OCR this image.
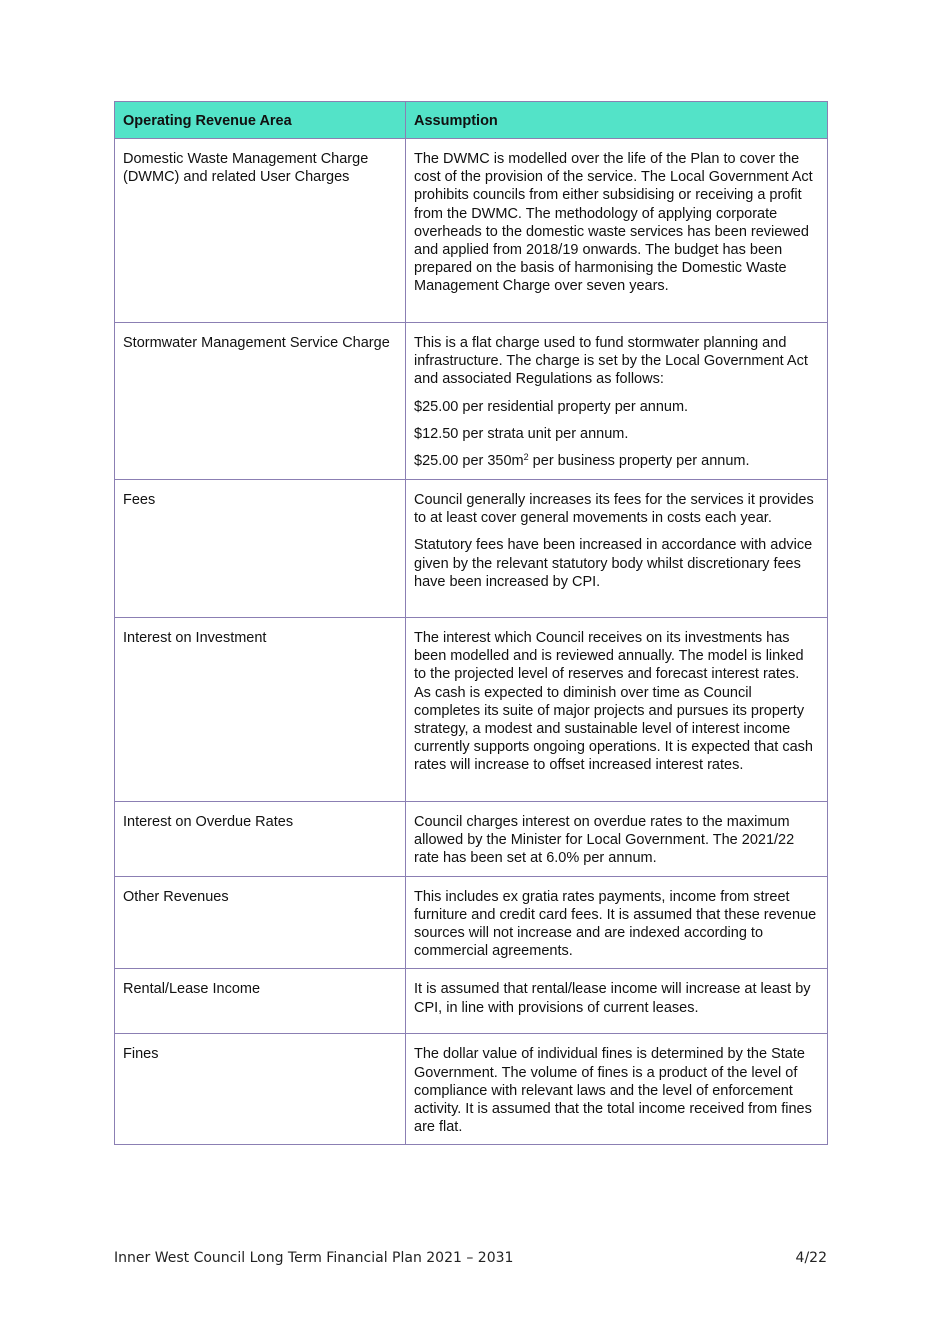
Operating Revenue Area	Assumption
Domestic Waste Management Charge (DWMC) and related User Charges	The DWMC is modelled over the life of the Plan to cover the cost of the provision of the service. The Local Government Act prohibits councils from either subsidising or receiving a profit from the DWMC. The methodology of applying corporate overheads to the domestic waste services has been reviewed and applied from 2018/19 onwards. The budget has been prepared on the basis of harmonising the Domestic Waste Management Charge over seven years.

Stormwater Management Service Charge	This is a flat charge used to fund stormwater planning and infrastructure. The charge is set by the Local Government Act and associated Regulations as follows:

$25.00 per residential property per annum.

$12.50 per strata unit per annum.

$25.00 per $350m^2$ per business property per annum.

Fees	Council generally increases its fees for the services it provides to at least cover general movements in costs each year.

Statutory fees have been increased in accordance with advice given by the relevant statutory body whilst discretionary fees have been increased by CPI.

Interest on Investment	The interest which Council receives on its investments has been modelled and is reviewed annually. The model is linked to the projected level of reserves and forecast interest rates. As cash is expected to diminish over time as Council completes its suite of major projects and pursues its property strategy, a modest and sustainable level of interest income currently supports ongoing operations. It is expected that cash rates will increase to offset increased interest rates.

Interest on Overdue Rates	Council charges interest on overdue rates to the maximum allowed by the Minister for Local Government. The 2021/22 rate has been set at 6.0% per annum.

Other Revenues	This includes ex gratia rates payments, income from street furniture and credit card fees. It is assumed that these revenue sources will not increase and are indexed according to commercial agreements.

Rental/Lease Income	It is assumed that rental/lease income will increase at least by CPI, in line with provisions of current leases.

Fines	The dollar value of individual fines is determined by the State Government. The volume of fines is a product of the level of compliance with relevant laws and the level of enforcement activity. It is assumed that the total income received from fines are flat.

Inner West Council Long Term Financial Plan 2021 – 2031	4/22
